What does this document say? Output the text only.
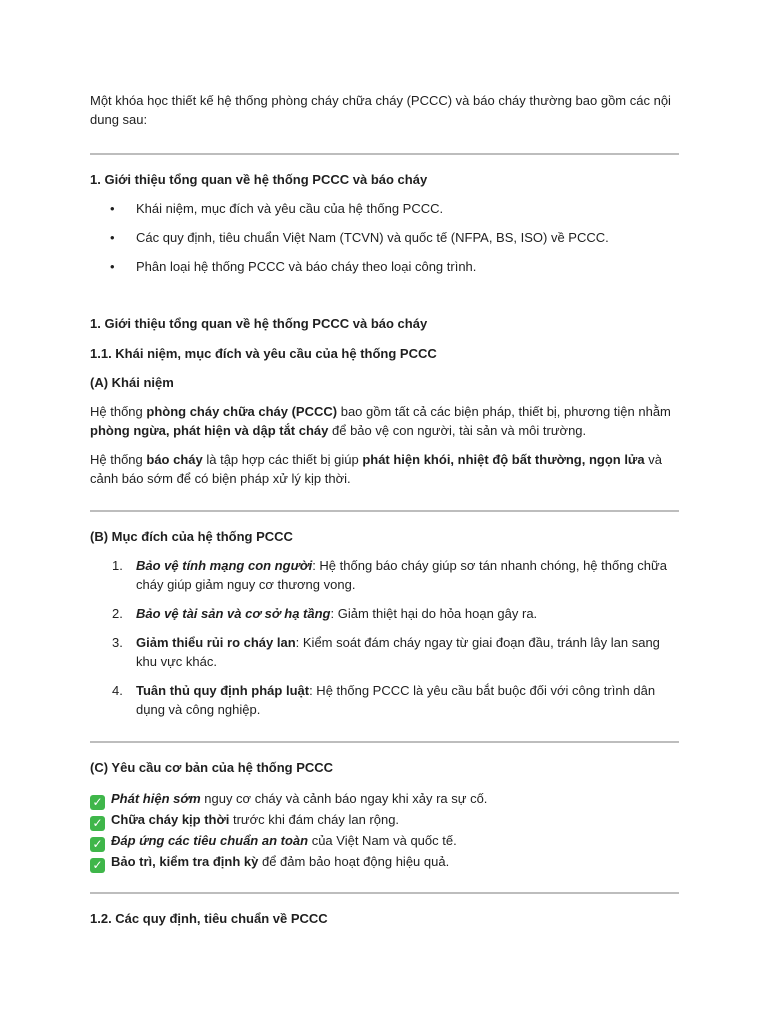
Một khóa học thiết kế hệ thống phòng cháy chữa cháy (PCCC) và báo cháy thường bao gồm các nội dung sau:

1. Giới thiệu tổng quan về hệ thống PCCC và báo cháy
• Khái niệm, mục đích và yêu cầu của hệ thống PCCC.
• Các quy định, tiêu chuẩn Việt Nam (TCVN) và quốc tế (NFPA, BS, ISO) về PCCC.
• Phân loại hệ thống PCCC và báo cháy theo loại công trình.
1. Giới thiệu tổng quan về hệ thống PCCC và báo cháy
1.1. Khái niệm, mục đích và yêu cầu của hệ thống PCCC
(A) Khái niệm

Hệ thống phòng cháy chữa cháy (PCCC) bao gồm tất cả các biện pháp, thiết bị, phương tiện nhằm phòng ngừa, phát hiện và dập tắt cháy để bảo vệ con người, tài sản và môi trường.

Hệ thống báo cháy là tập hợp các thiết bị giúp phát hiện khói, nhiệt độ bất thường, ngọn lửa và cảnh báo sớm để có biện pháp xử lý kịp thời.

(B) Mục đích của hệ thống PCCC
1. Bảo vệ tính mạng con người: Hệ thống báo cháy giúp sơ tán nhanh chóng, hệ thống chữa cháy giúp giảm nguy cơ thương vong.
2. Bảo vệ tài sản và cơ sở hạ tầng: Giảm thiệt hại do hỏa hoạn gây ra.
3. Giảm thiểu rủi ro cháy lan: Kiểm soát đám cháy ngay từ giai đoạn đầu, tránh lây lan sang khu vực khác.
4. Tuân thủ quy định pháp luật: Hệ thống PCCC là yêu cầu bắt buộc đối với công trình dân dụng và công nghiệp.
(C) Yêu cầu cơ bản của hệ thống PCCC
✓ Phát hiện sớm nguy cơ cháy và cảnh báo ngay khi xảy ra sự cố.
✓ Chữa cháy kịp thời trước khi đám cháy lan rộng.
✓ Đáp ứng các tiêu chuẩn an toàn của Việt Nam và quốc tế.
✓ Bảo trì, kiểm tra định kỳ để đảm bảo hoạt động hiệu quả.
1.2. Các quy định, tiêu chuẩn về PCCC
